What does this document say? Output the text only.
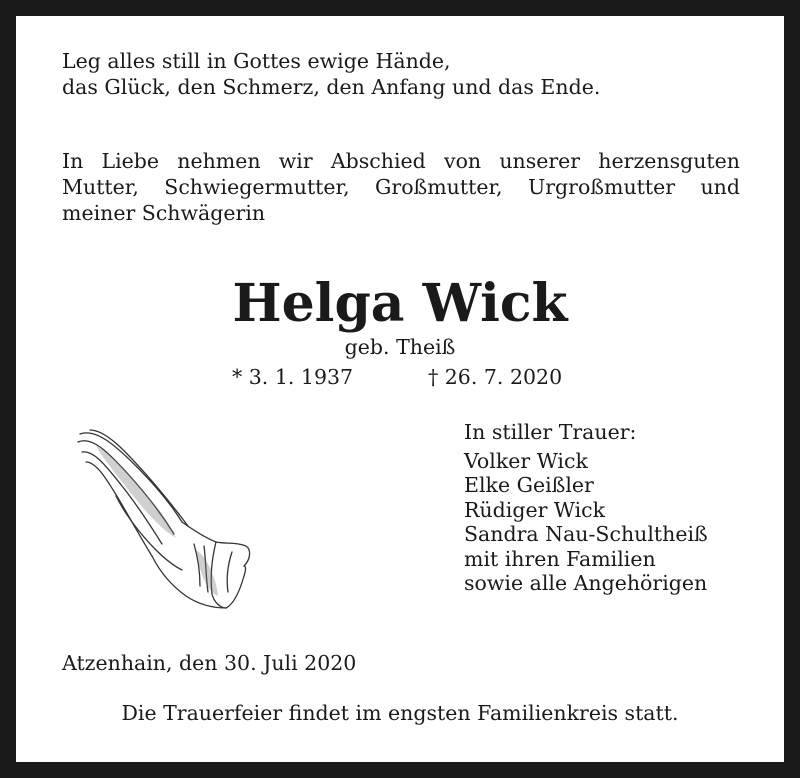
Leg alles still in Gottes ewige Hände,

das Glück, den Schmerz, den Anfang und das Ende.

In Liebe nehmen wir Abschied von unserer herzensguten

Mutter, Schwiegermutter, Großmutter, Urgroßmutter und

meiner Schwägerin

Helga Wick

geb. Theiß

* 3. 1. 1937	† 26. 7. 2020

In stiller Trauer:
Volker Wick
Elke Geißler
Rüdiger Wick
Sandra Nau-Schultheiß
mit ihren Familien
sowie alle Angehörigen

Atzenhain, den 30. Juli 2020

Die Trauerfeier findet im engsten Familienkreis statt.
